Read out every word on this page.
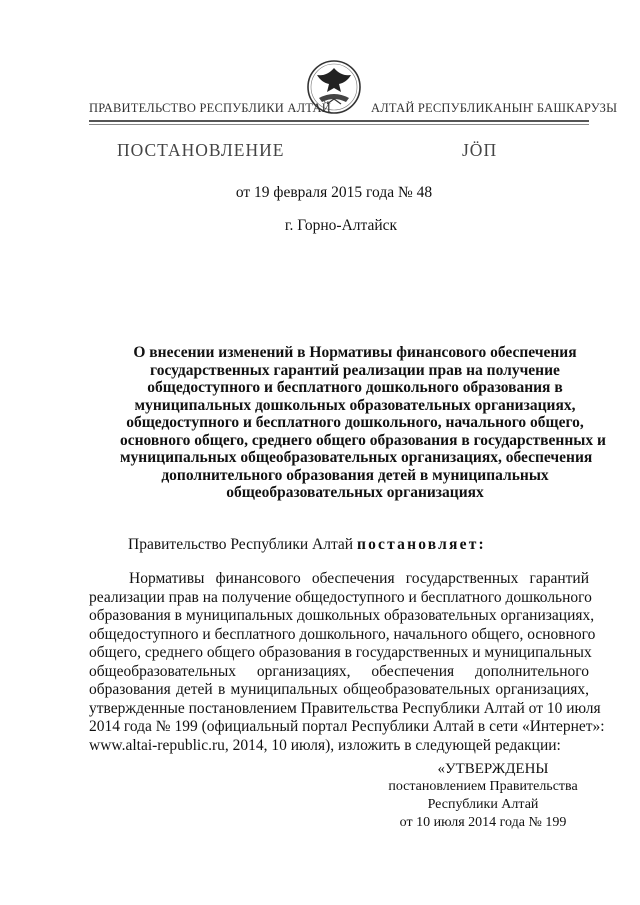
ПРАВИТЕЛЬСТВО РЕСПУБЛИКИ АЛТАЙ	АЛТАЙ РЕСПУБЛИКАНЫҤ БАШКАРУЗЫ
ПОСТАНОВЛЕНИЕ	ЈӦП
от 19 февраля 2015 года № 48
г. Горно-Алтайск
О внесении изменений в Нормативы финансового обеспечения
государственных гарантий реализации прав на получение
общедоступного и бесплатного дошкольного образования в
муниципальных дошкольных образовательных организациях,
общедоступного и бесплатного дошкольного, начального общего,
основного общего, среднего общего образования в государственных и
муниципальных общеобразовательных организациях, обеспечения
дополнительного образования детей в муниципальных
общеобразовательных организациях
Правительство Республики Алтай постановляет:
Нормативы финансового обеспечения государственных гарантий
реализации прав на получение общедоступного и бесплатного дошкольного
образования в муниципальных дошкольных образовательных организациях,
общедоступного и бесплатного дошкольного, начального общего, основного
общего, среднего общего образования в государственных и муниципальных
общеобразовательных организациях, обеспечения дополнительного
образования детей в муниципальных общеобразовательных организациях,
утвержденные постановлением Правительства Республики Алтай от 10 июля
2014 года № 199 (официальный портал Республики Алтай в сети «Интернет»:
www.altai-republic.ru, 2014, 10 июля), изложить в следующей редакции:
«УТВЕРЖДЕНЫ
постановлением Правительства
Республики Алтай
от 10 июля 2014 года № 199
